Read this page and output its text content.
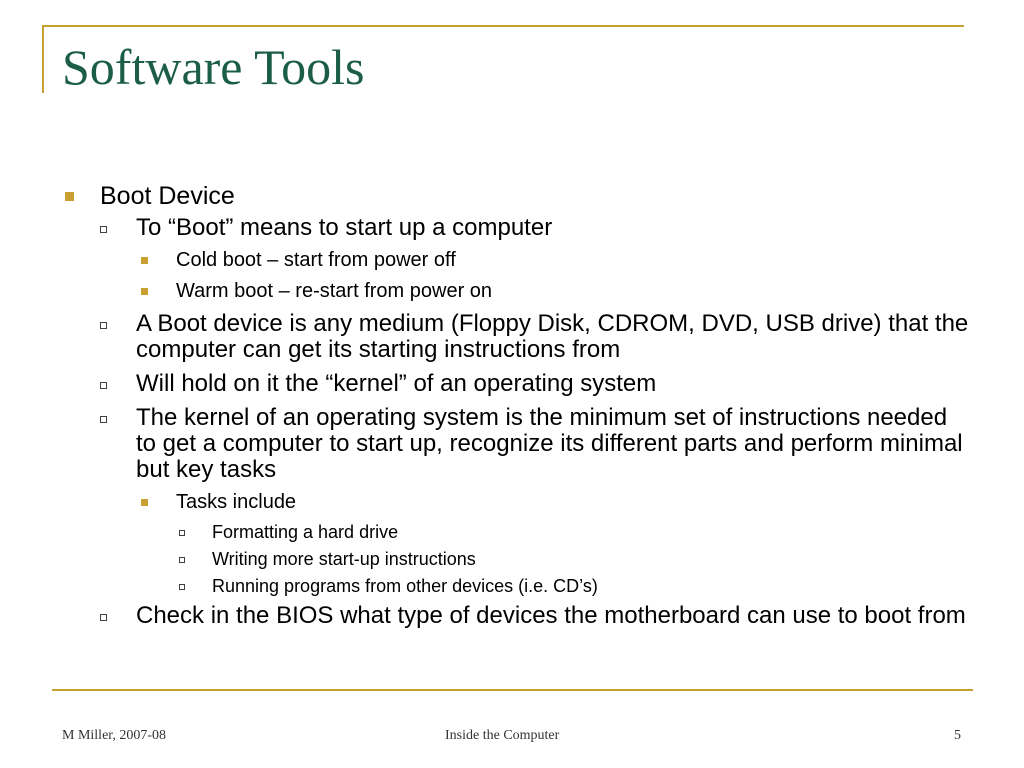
Software Tools
Boot Device
To “Boot” means to start up a computer
Cold boot – start from power off
Warm boot – re-start from power on
A Boot device is any medium (Floppy Disk, CDROM, DVD, USB drive) that the computer can get its starting instructions from
Will hold on it the “kernel” of an operating system
The kernel of an operating system is the minimum set of instructions needed to get a computer to start up, recognize its different parts and perform minimal but key tasks
Tasks include
Formatting a hard drive
Writing more start-up instructions
Running programs from other devices (i.e. CD’s)
Check in the BIOS what type of devices the motherboard can use to boot from
M Miller, 2007-08	Inside the Computer	5
